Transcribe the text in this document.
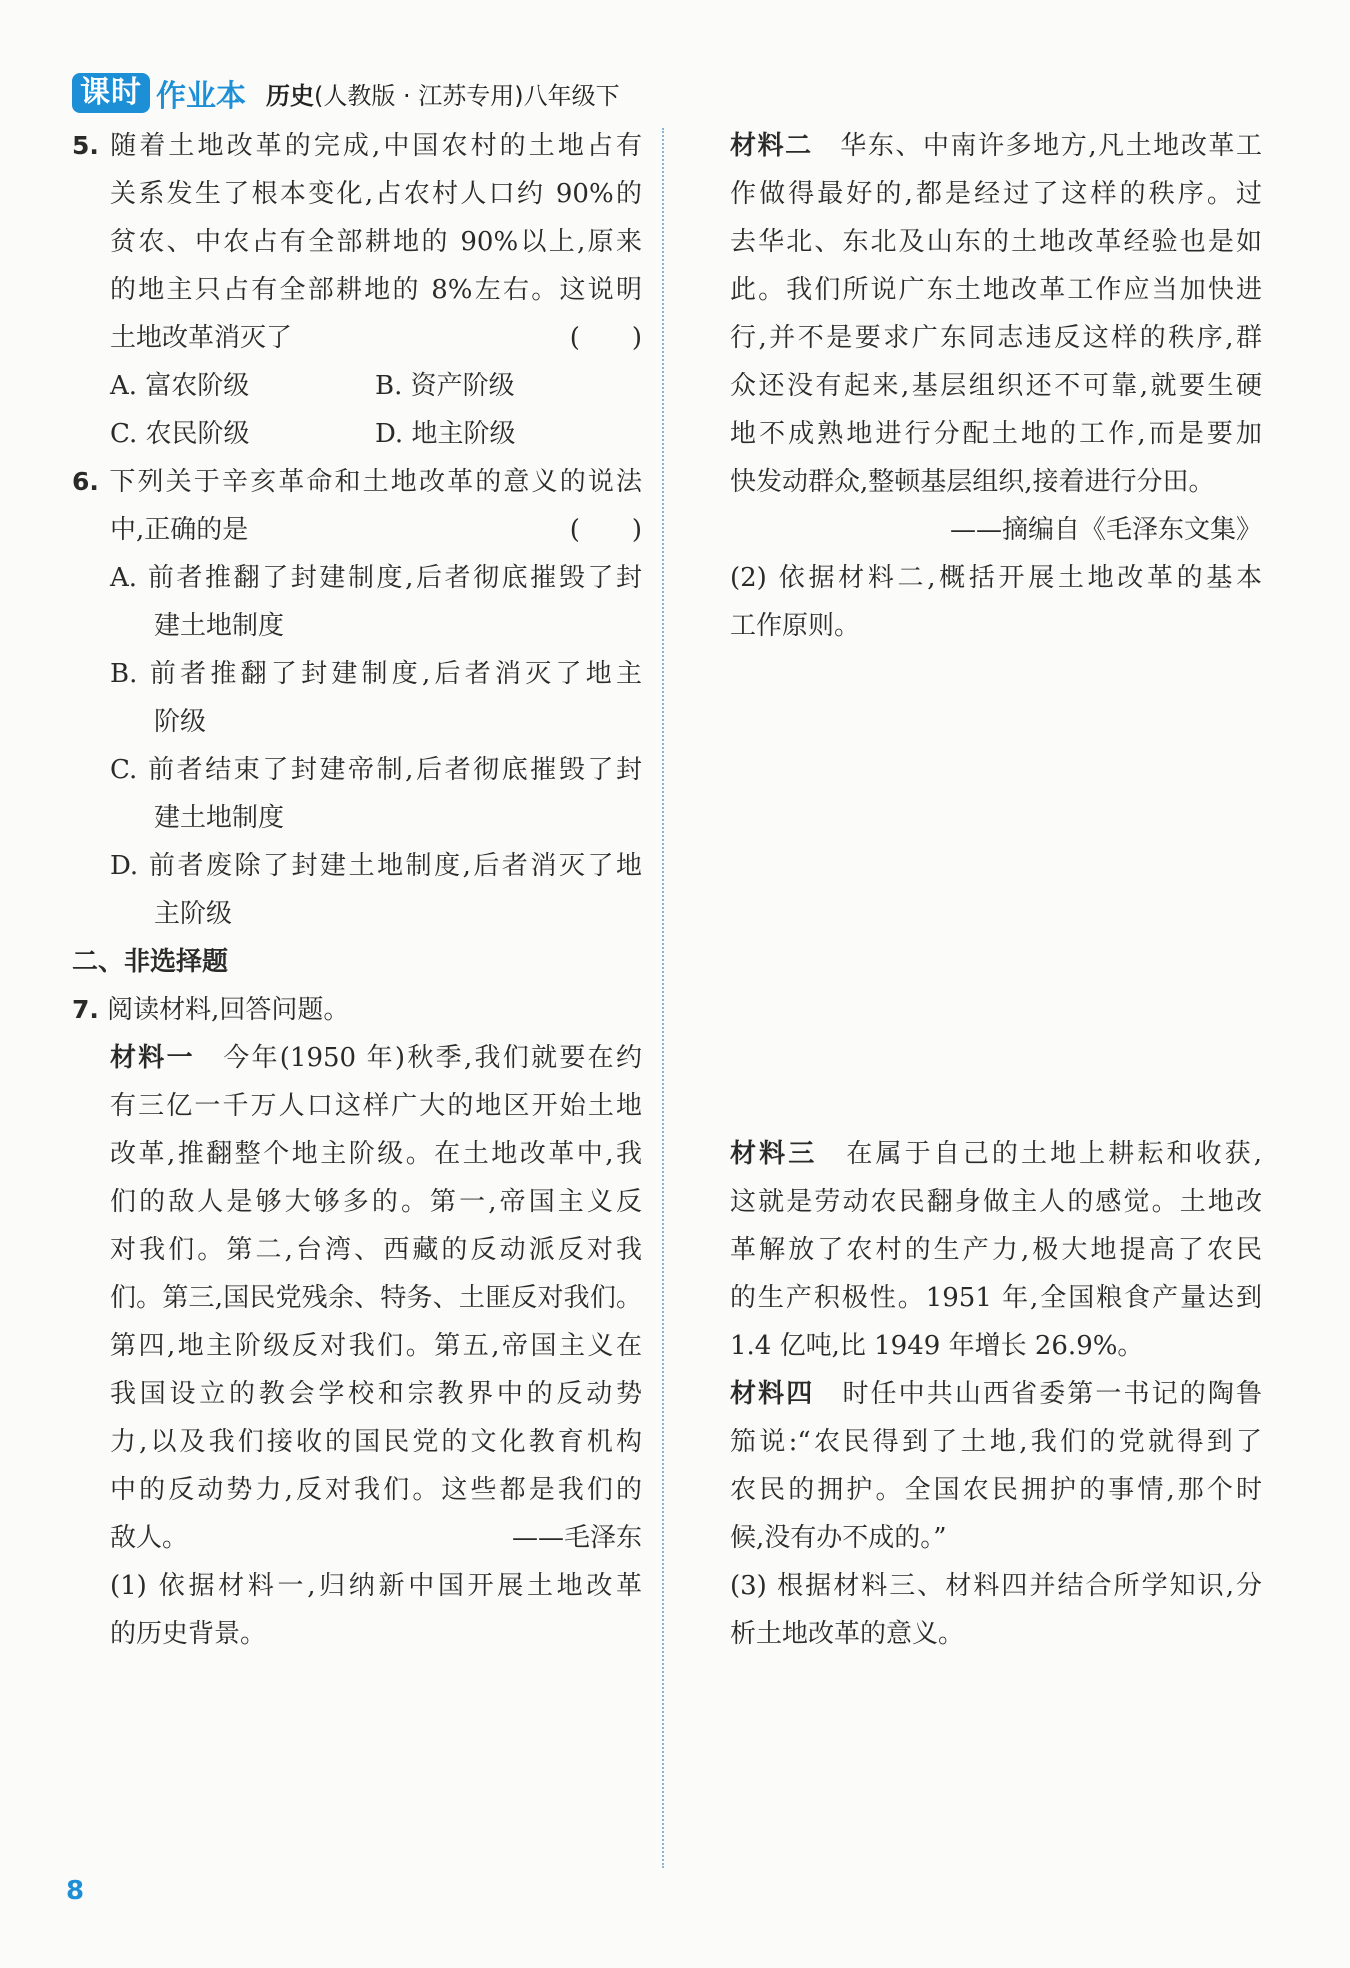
课时 作业本 历史(人教版 · 江苏专用)八年级下
5. 随着土地改革的完成,中国农村的土地占有
关系发生了根本变化,占农村人口约 90%的
贫农、中农占有全部耕地的 90%以上,原来
的地主只占有全部耕地的 8%左右。这说明
土地改革消灭了	(　　)
A. 富农阶级	B. 资产阶级
C. 农民阶级	D. 地主阶级
6. 下列关于辛亥革命和土地改革的意义的说法
中,正确的是	(　　)
A. 前者推翻了封建制度,后者彻底摧毁了封
建土地制度
B. 前者推翻了封建制度,后者消灭了地主
阶级
C. 前者结束了封建帝制,后者彻底摧毁了封
建土地制度
D. 前者废除了封建土地制度,后者消灭了地
主阶级
二、非选择题
7. 阅读材料,回答问题。
材料一　 今年(1950 年)秋季,我们就要在约
有三亿一千万人口这样广大的地区开始土地
改革,推翻整个地主阶级。在土地改革中,我
们的敌人是够大够多的。第一,帝国主义反
对我们。第二,台湾、西藏的反动派反对我
们。第三,国民党残余、特务、土匪反对我们。
第四,地主阶级反对我们。第五,帝国主义在
我国设立的教会学校和宗教界中的反动势
力,以及我们接收的国民党的文化教育机构
中的反动势力,反对我们。这些都是我们的
敌人。	——毛泽东
(1) 依据材料一,归纳新中国开展土地改革
的历史背景。
材料二　 华东、中南许多地方,凡土地改革工
作做得最好的,都是经过了这样的秩序。过
去华北、东北及山东的土地改革经验也是如
此。我们所说广东土地改革工作应当加快进
行,并不是要求广东同志违反这样的秩序,群
众还没有起来,基层组织还不可靠,就要生硬
地不成熟地进行分配土地的工作,而是要加
快发动群众,整顿基层组织,接着进行分田。
——摘编自《毛泽东文集》
(2) 依据材料二,概括开展土地改革的基本
工作原则。
材料三　 在属于自己的土地上耕耘和收获,
这就是劳动农民翻身做主人的感觉。土地改
革解放了农村的生产力,极大地提高了农民
的生产积极性。1951 年,全国粮食产量达到
1.4 亿吨,比 1949 年增长 26.9%。
材料四　 时任中共山西省委第一书记的陶鲁
笳说:“农民得到了土地,我们的党就得到了
农民的拥护。全国农民拥护的事情,那个时
候,没有办不成的。”
(3) 根据材料三、材料四并结合所学知识,分
析土地改革的意义。
8
